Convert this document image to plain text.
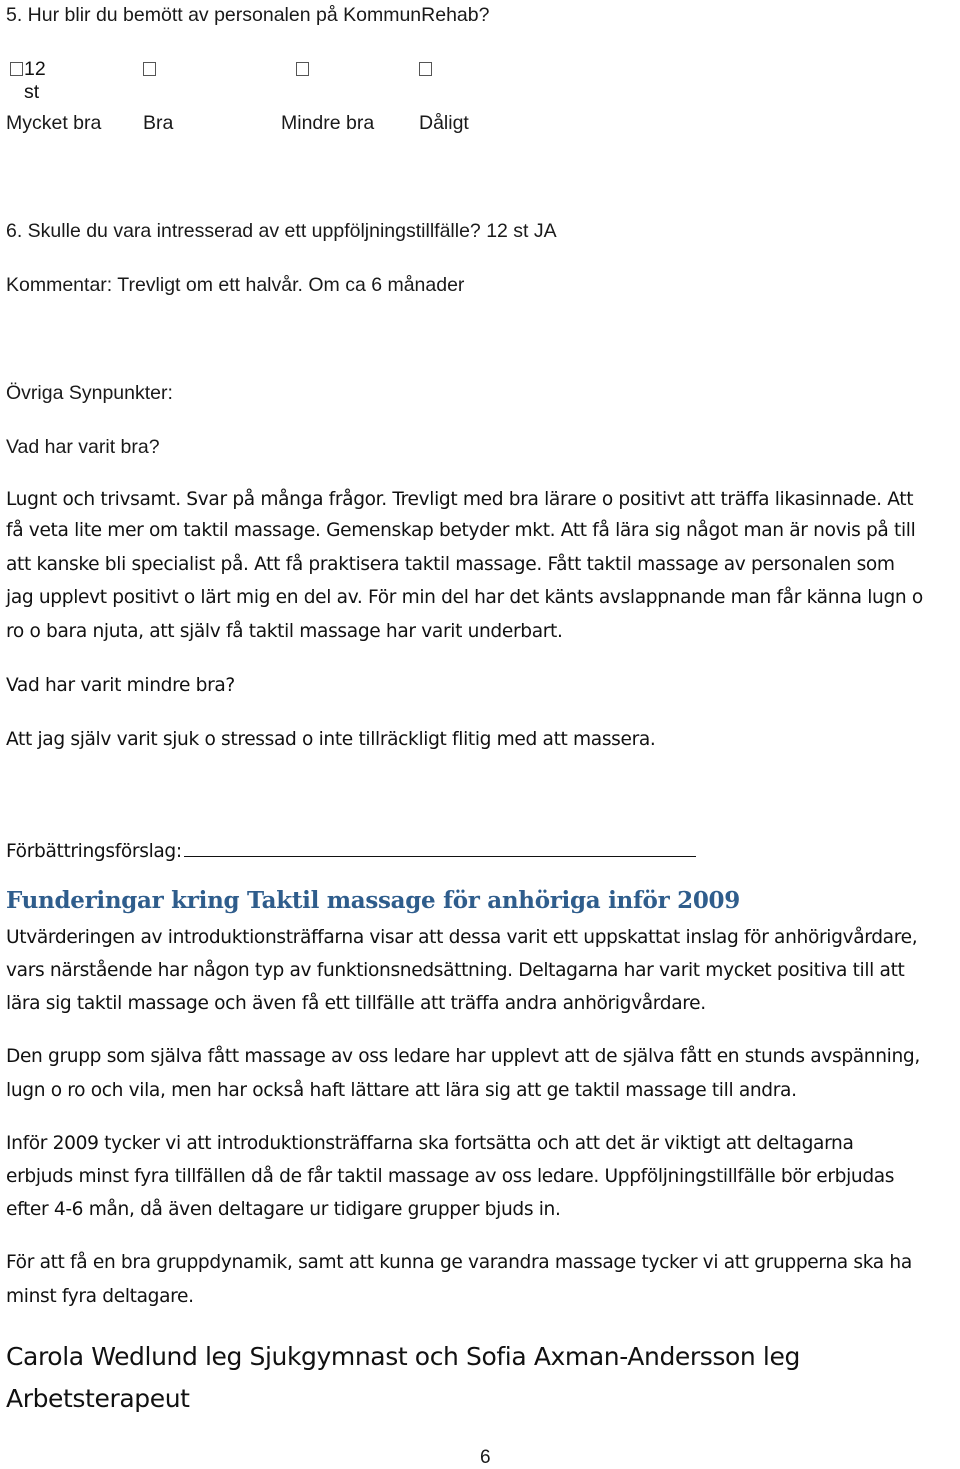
5. Hur blir du bemött av personalen på KommunRehab?
12 st
Mycket bra Bra	Mindre bra Dåligt
6. Skulle du vara intresserad av ett uppföljningstillfälle? 12 st JA
Kommentar: Trevligt om ett halvår. Om ca 6 månader
Övriga Synpunkter:
Vad har varit bra?
Lugnt och trivsamt. Svar på många frågor. Trevligt med bra lärare o positivt att träffa likasinnade. Att
få veta lite mer om taktil massage. Gemenskap betyder mkt. Att få lära sig något man är novis på till
att kanske bli specialist på. Att få praktisera taktil massage. Fått taktil massage av personalen som
jag upplevt positivt o lärt mig en del av. För min del har det känts avslappnande man får känna lugn o
ro o bara njuta, att själv få taktil massage har varit underbart.
Vad har varit mindre bra?
Att jag själv varit sjuk o stressad o inte tillräckligt flitig med att massera.
Förbättringsförslag:
Funderingar kring Taktil massage för anhöriga inför 2009
Utvärderingen av introduktionsträffarna visar att dessa varit ett uppskattat inslag för anhörigvårdare,
vars närstående har någon typ av funktionsnedsättning. Deltagarna har varit mycket positiva till att
lära sig taktil massage och även få ett tillfälle att träffa andra anhörigvårdare.
Den grupp som själva fått massage av oss ledare har upplevt att de själva fått en stunds avspänning,
lugn o ro och vila, men har också haft lättare att lära sig att ge taktil massage till andra.
Inför 2009 tycker vi att introduktionsträffarna ska fortsätta och att det är viktigt att deltagarna
erbjuds minst fyra tillfällen då de får taktil massage av oss ledare. Uppföljningstillfälle bör erbjudas
efter 4-6 mån, då även deltagare ur tidigare grupper bjuds in.
För att få en bra gruppdynamik, samt att kunna ge varandra massage tycker vi att grupperna ska ha
minst fyra deltagare.
Carola Wedlund leg Sjukgymnast och Sofia Axman-Andersson leg Arbetsterapeut
6
